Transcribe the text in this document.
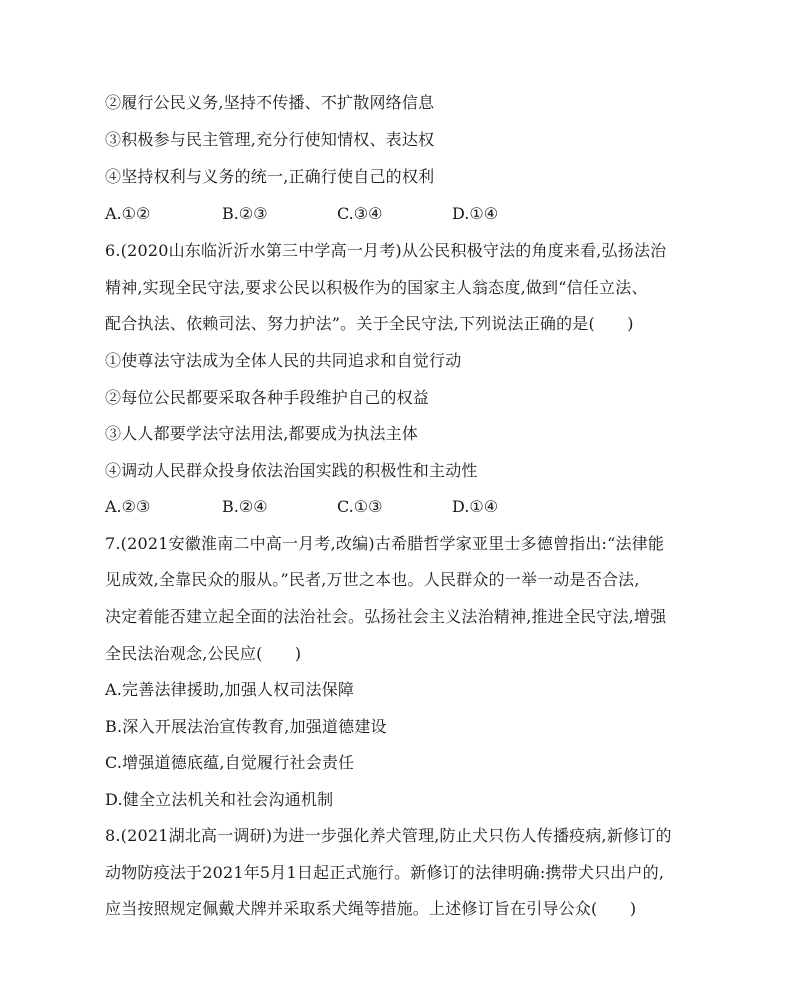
②履行公民义务,坚持不传播、不扩散网络信息
③积极参与民主管理,充分行使知情权、表达权
④坚持权利与义务的统一,正确行使自己的权利
A.①②	B.②③	C.③④	D.①④
6.(2020山东临沂沂水第三中学高一月考)从公民积极守法的角度来看,弘扬法治
精神,实现全民守法,要求公民以积极作为的国家主人翁态度,做到“信任立法、
配合执法、依赖司法、努力护法”。关于全民守法,下列说法正确的是(　　)
①使尊法守法成为全体人民的共同追求和自觉行动
②每位公民都要采取各种手段维护自己的权益
③人人都要学法守法用法,都要成为执法主体
④调动人民群众投身依法治国实践的积极性和主动性
A.②③	B.②④	C.①③	D.①④
7.(2021安徽淮南二中高一月考,改编)古希腊哲学家亚里士多德曾指出:“法律能
见成效,全靠民众的服从。”民者,万世之本也。人民群众的一举一动是否合法,
决定着能否建立起全面的法治社会。弘扬社会主义法治精神,推进全民守法,增强
全民法治观念,公民应(　　)
A.完善法律援助,加强人权司法保障
B.深入开展法治宣传教育,加强道德建设
C.增强道德底蕴,自觉履行社会责任
D.健全立法机关和社会沟通机制
8.(2021湖北高一调研)为进一步强化养犬管理,防止犬只伤人传播疫病,新修订的
动物防疫法于2021年5月1日起正式施行。新修订的法律明确:携带犬只出户的,
应当按照规定佩戴犬牌并采取系犬绳等措施。上述修订旨在引导公众(　　)
